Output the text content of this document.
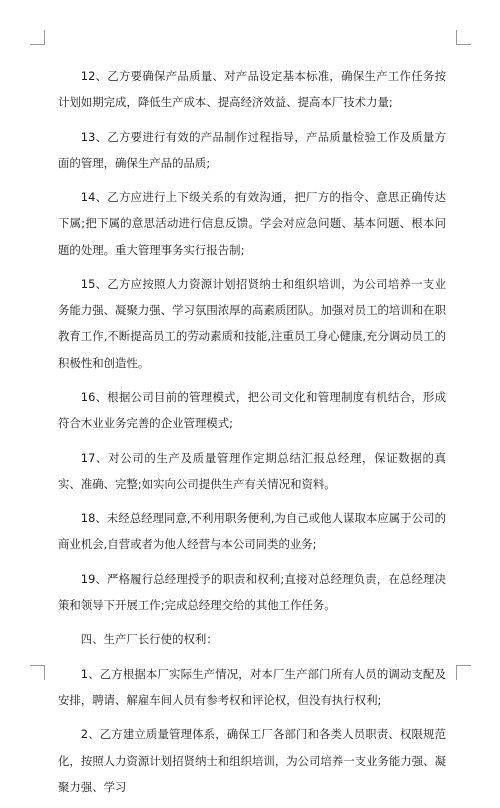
12、乙方要确保产品质量、对产品设定基本标准，确保生产工作任务按计划如期完成，降低生产成本、提高经济效益、提高本厂技术力量;

13、乙方要进行有效的产品制作过程指导，产品质量检验工作及质量方面的管理，确保生产品的品质;

14、乙方应进行上下级关系的有效沟通，把厂方的指令、意思正确传达下属;把下属的意思活动进行信息反馈。学会对应急问题、基本问题、根本问题的处理。重大管理事务实行报告制;

15、乙方应按照人力资源计划招贤纳士和组织培训，为公司培养一支业务能力强、凝聚力强、学习氛围浓厚的高素质团队。加强对员工的培训和在职教育工作,不断提高员工的劳动素质和技能,注重员工身心健康,充分调动员工的积极性和创造性。

16、根据公司目前的管理模式，把公司文化和管理制度有机结合，形成符合木业业务完善的企业管理模式;

17、对公司的生产及质量管理作定期总结汇报总经理，保证数据的真实、准确、完整;如实向公司提供生产有关情况和资料。

18、未经总经理同意,不利用职务便利,为自己或他人谋取本应属于公司的商业机会,自营或者为他人经营与本公司同类的业务;

19、严格履行总经理授予的职责和权利;直接对总经理负责，在总经理决策和领导下开展工作;完成总经理交给的其他工作任务。

四、生产厂长行使的权利：

1、乙方根据本厂实际生产情况，对本厂生产部门所有人员的调动支配及安排，聘请、解雇车间人员有参考权和评论权，但没有执行权利;

2、乙方建立质量管理体系，确保工厂各部门和各类人员职责、权限规范化，按照人力资源计划招贤纳士和组织培训，为公司培养一支业务能力强、凝聚力强、学习
